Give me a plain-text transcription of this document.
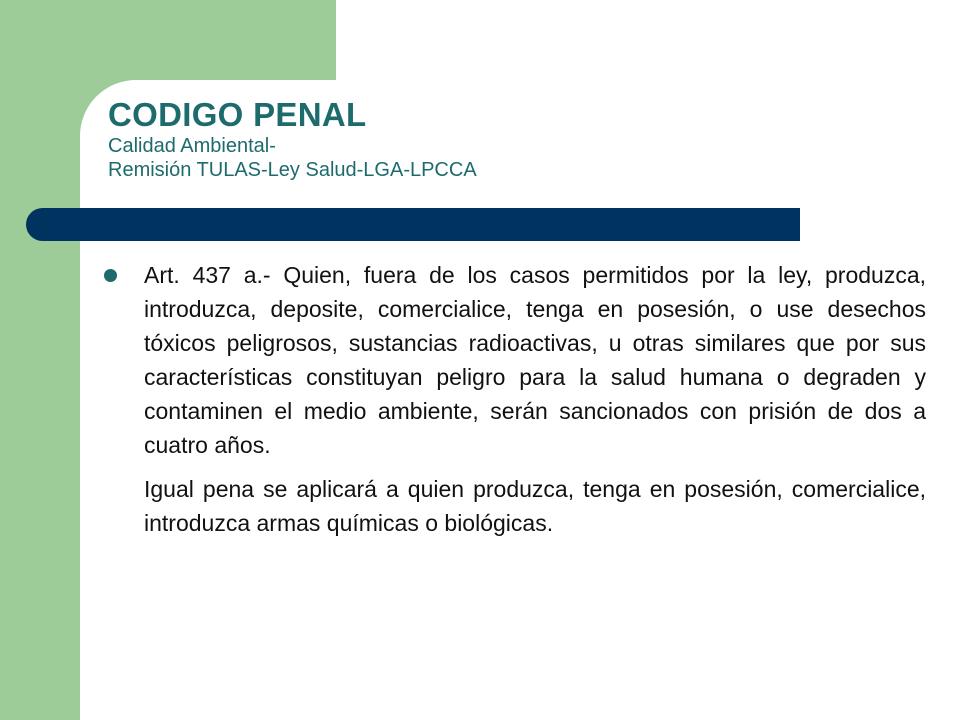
CODIGO PENAL
Calidad Ambiental-
Remisión TULAS-Ley Salud-LGA-LPCCA

Art. 437 a.- Quien, fuera de los casos permitidos por la ley, produzca, introduzca, deposite, comercialice, tenga en posesión, o use desechos tóxicos peligrosos, sustancias radioactivas, u otras similares que por sus características constituyan peligro para la salud humana o degraden y contaminen el medio ambiente, serán sancionados con prisión de dos a cuatro años.

Igual pena se aplicará a quien produzca, tenga en posesión, comercialice, introduzca armas químicas o biológicas.
